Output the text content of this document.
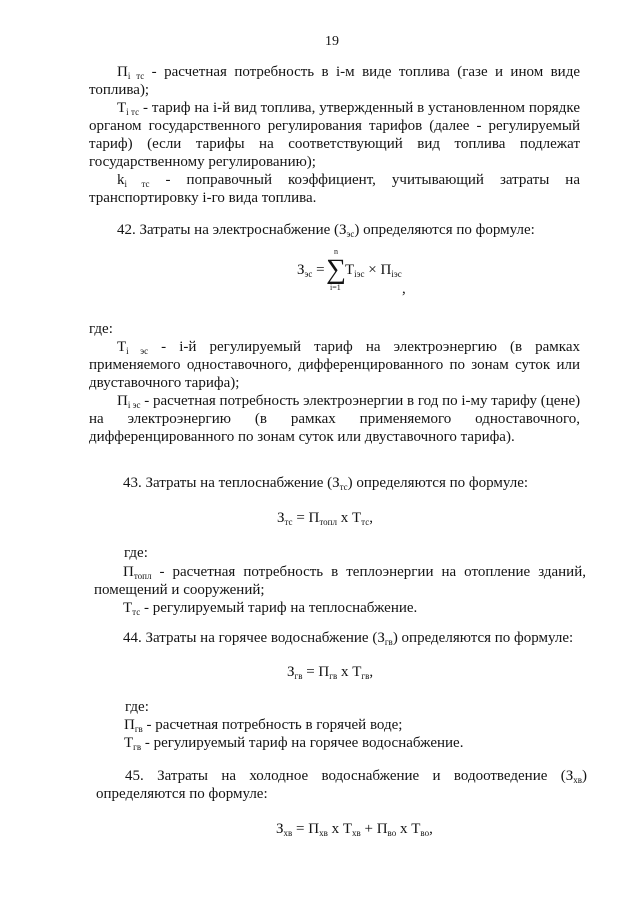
19
$П_{i тс}$ - расчетная потребность в i-м виде топлива (газе и ином виде
топлива);
$Т_{i тс}$ - тариф на i-й вид топлива, утвержденный в установленном порядке
органом государственного регулирования тарифов (далее - регулируемый
тариф) (если тарифы на соответствующий вид топлива подлежат
государственному регулированию);
$k_{i тс}$ - поправочный коэффициент, учитывающий затраты на
транспортировку i-го вида топлива.
42. Затраты на электроснабжение $(З_{эс})$ определяются по формуле:
$З_{эс}$ =
n
∑
i=1
$Т_{iэс} \times П_{iэс}$
,
где:
$Т_{i эс} - i-й$ регулируемый тариф на электроэнергию (в рамках
применяемого одноставочного, дифференцированного по зонам суток или
двуставочного тарифа);
$П_{i эс}$ - расчетная потребность электроэнергии в год по i-му тарифу (цене)
на электроэнергию (в рамках применяемого одноставочного,
дифференцированного по зонам суток или двуставочного тарифа).
43. Затраты на теплоснабжение $(З_{тс})$ определяются по формуле:
$З_{тс} = П_{топл}$ х $Т_{тс}$,
где:
$П_{топл}$ - расчетная потребность в теплоэнергии на отопление зданий,
помещений и сооружений;
$Т_{тс}$ - регулируемый тариф на теплоснабжение.
44. Затраты на горячее водоснабжение $(З_{гв})$ определяются по формуле:
$З_{гв} = П_{гв}$ х $Т_{гв}$,
где:
$П_{гв}$ - расчетная потребность в горячей воде;
$Т_{гв}$ - регулируемый тариф на горячее водоснабжение.
45. Затраты на холодное водоснабжение и водоотведение $(З_{хв})$
определяются по формуле:
$З_{хв} = П_{хв}$ х $Т_{хв} + П_{во}$ х $Т_{во}$,
